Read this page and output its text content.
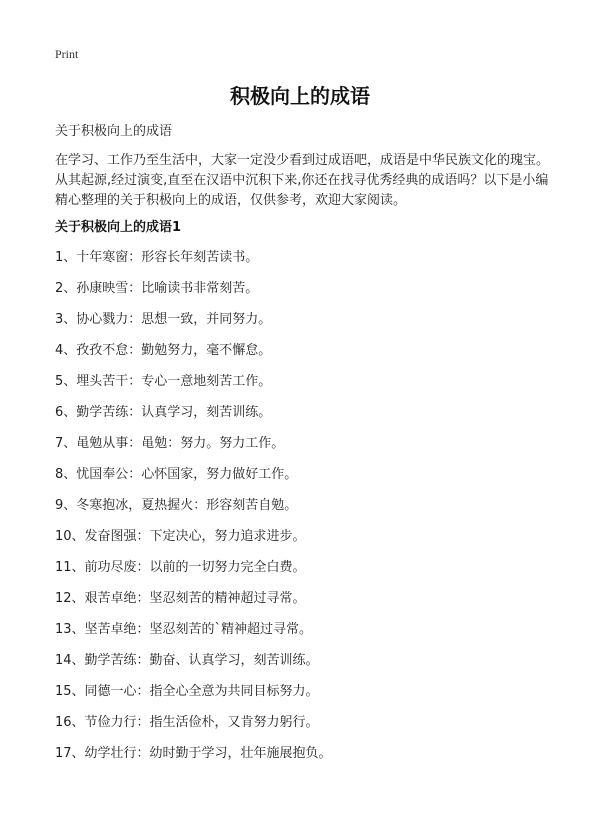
Print
积极向上的成语

关于积极向上的成语

在学习、工作乃至生活中，大家一定没少看到过成语吧，成语是中华民族文化的瑰宝。从其起源,经过演变,直至在汉语中沉积下来,你还在找寻优秀经典的成语吗？以下是小编精心整理的关于积极向上的成语，仅供参考，欢迎大家阅读。

关于积极向上的成语1
1、十年寒窗：形容长年刻苦读书。
2、孙康映雪：比喻读书非常刻苦。
3、协心戮力：思想一致，并同努力。
4、孜孜不怠：勤勉努力，毫不懈怠。
5、埋头苦干：专心一意地刻苦工作。
6、勤学苦练：认真学习，刻苦训练。
7、黾勉从事：黾勉：努力。努力工作。
8、忧国奉公：心怀国家，努力做好工作。
9、冬寒抱冰，夏热握火：形容刻苦自勉。
10、发奋图强：下定决心，努力追求进步。
11、前功尽废：以前的一切努力完全白费。
12、艰苦卓绝：坚忍刻苦的精神超过寻常。
13、坚苦卓绝：坚忍刻苦的`精神超过寻常。
14、勤学苦练：勤奋、认真学习，刻苦训练。
15、同德一心：指全心全意为共同目标努力。
16、节俭力行：指生活俭朴，又肯努力躬行。
17、幼学壮行：幼时勤于学习，壮年施展抱负。
